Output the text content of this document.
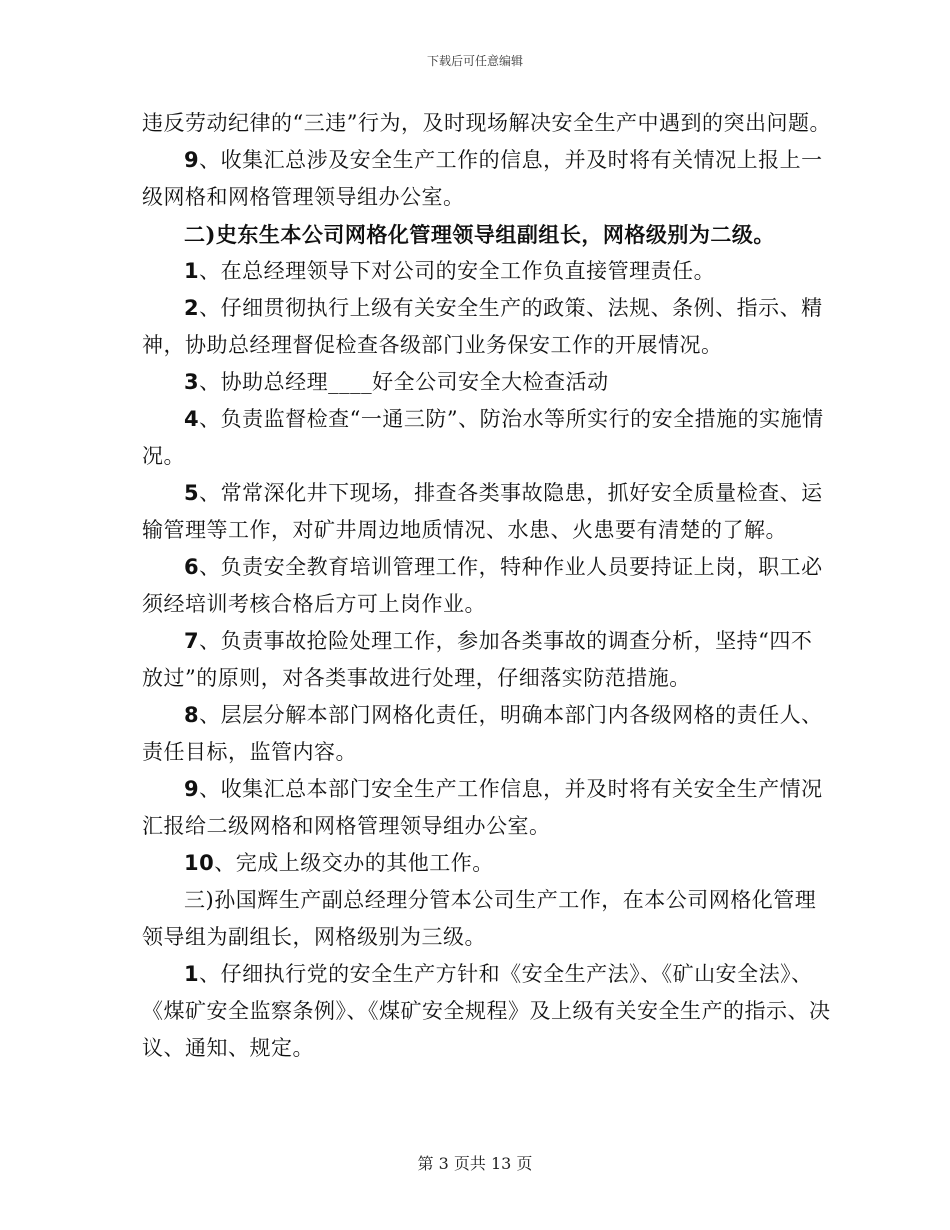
下载后可任意编辑

违反劳动纪律的“三违”行为，及时现场解决安全生产中遇到的突出问题。

9、收集汇总涉及安全生产工作的信息，并及时将有关情况上报上一级网格和网格管理领导组办公室。

二)史东生本公司网格化管理领导组副组长，网格级别为二级。

1、在总经理领导下对公司的安全工作负直接管理责任。

2、仔细贯彻执行上级有关安全生产的政策、法规、条例、指示、精神，协助总经理督促检查各级部门业务保安工作的开展情况。

3、协助总经理____好全公司安全大检查活动

4、负责监督检查“一通三防”、防治水等所实行的安全措施的实施情况。

5、常常深化井下现场，排查各类事故隐患，抓好安全质量检查、运输管理等工作，对矿井周边地质情况、水患、火患要有清楚的了解。

6、负责安全教育培训管理工作，特种作业人员要持证上岗，职工必须经培训考核合格后方可上岗作业。

7、负责事故抢险处理工作，参加各类事故的调查分析，坚持“四不放过”的原则，对各类事故进行处理，仔细落实防范措施。

8、层层分解本部门网格化责任，明确本部门内各级网格的责任人、责任目标，监管内容。

9、收集汇总本部门安全生产工作信息，并及时将有关安全生产情况汇报给二级网格和网格管理领导组办公室。

10、完成上级交办的其他工作。

三)孙国辉生产副总经理分管本公司生产工作，在本公司网格化管理领导组为副组长，网格级别为三级。

1、仔细执行党的安全生产方针和《安全生产法》、《矿山安全法》、《煤矿安全监察条例》、《煤矿安全规程》及上级有关安全生产的指示、决议、通知、规定。

第 3 页共 13 页
